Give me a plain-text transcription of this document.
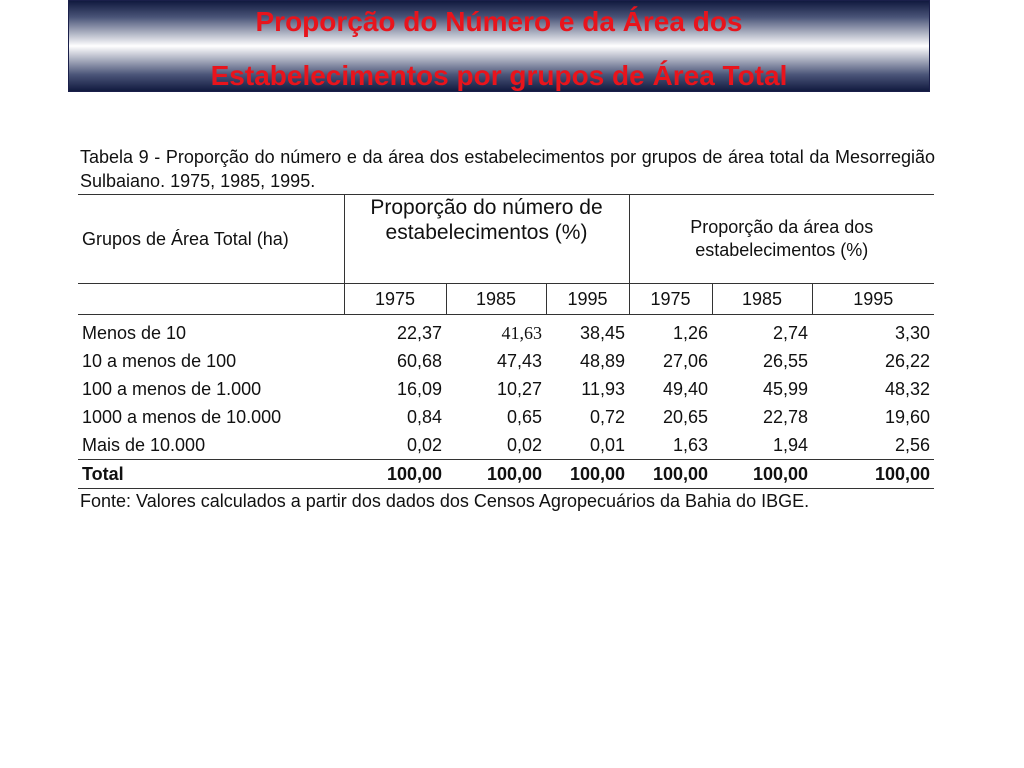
Proporção do Número e da Área dos
Estabelecimentos por grupos de Área Total
Tabela 9 - Proporção do número e da área dos estabelecimentos por grupos de área total da Mesorregião Sulbaiano. 1975, 1985, 1995.
Grupos de Área Total (ha)	Proporção do número de estabelecimentos (%)			Proporção da área dos estabelecimentos (%)		

	1975	1985	1995	1975	1985	1995
Menos de 10	22,37	41,63	38,45	1,26	2,74	3,30
10 a menos de 100	60,68	47,43	48,89	27,06	26,55	26,22
100 a menos de 1.000	16,09	10,27	11,93	49,40	45,99	48,32
1000 a menos de 10.000	0,84	0,65	0,72	20,65	22,78	19,60
Mais de 10.000	0,02	0,02	0,01	1,63	1,94	2,56
Total	100,00	100,00	100,00	100,00	100,00	100,00
Fonte: Valores calculados a partir dos dados dos Censos Agropecuários da Bahia do IBGE.
